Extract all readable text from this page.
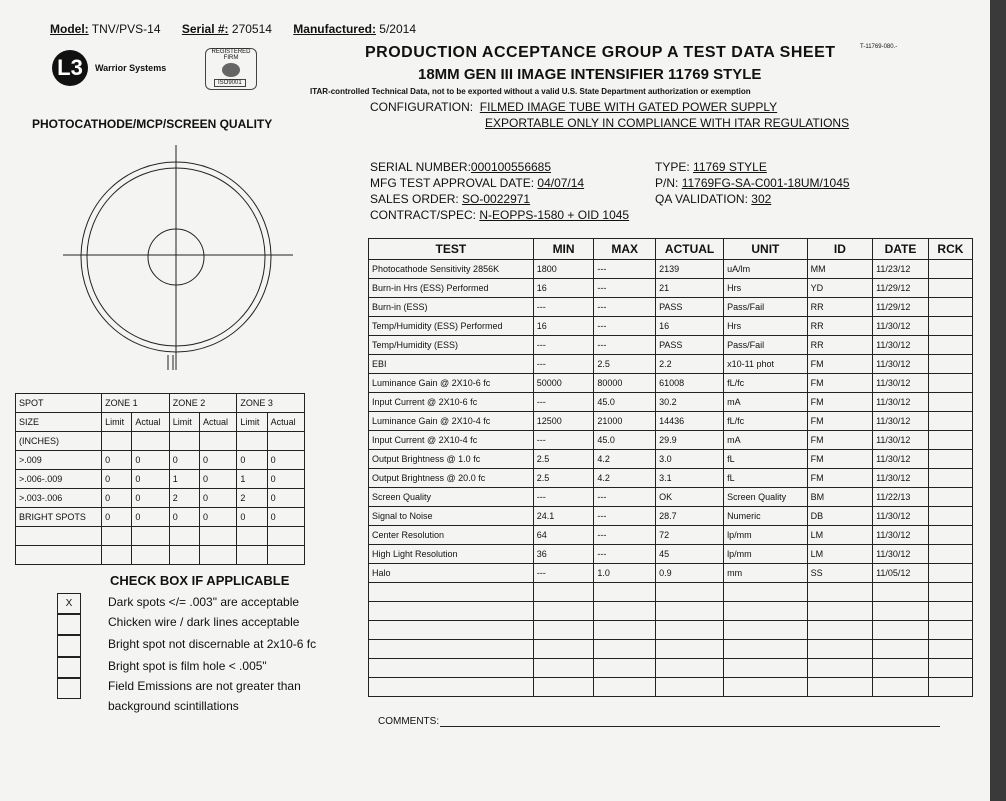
Model: TNV/PVS-14 Serial #: 270514 Manufactured: 5/2014
L3	Warrior Systems
REGISTERED FIRM
ISO9001
PRODUCTION ACCEPTANCE GROUP A TEST DATA SHEET	T-11769-080.-
18MM GEN III IMAGE INTENSIFIER 11769 STYLE
ITAR-controlled Technical Data, not to be exported without a valid U.S. State Department authorization or exemption
CONFIGURATION: FILMED IMAGE TUBE WITH GATED POWER SUPPLY
EXPORTABLE ONLY IN COMPLIANCE WITH ITAR REGULATIONS
PHOTOCATHODE/MCP/SCREEN QUALITY
SERIAL NUMBER:000100556685
MFG TEST APPROVAL DATE: 04/07/14
SALES ORDER: SO-0022971
CONTRACT/SPEC: N-EOPPS-1580 + OID 1045
TYPE: 11769 STYLE
P/N: 11769FG-SA-C001-18UM/1045
QA VALIDATION: 302
TEST	MIN	MAX	ACTUAL	UNIT	ID	DATE	RCK
Photocathode Sensitivity 2856K	1800	---	2139	uA/lm	MM	11/23/12	
Burn-in Hrs (ESS) Performed	16	---	21	Hrs	YD	11/29/12	
Burn-in (ESS)	---	---	PASS	Pass/Fail	RR	11/29/12	
Temp/Humidity (ESS) Performed	16	---	16	Hrs	RR	11/30/12	
Temp/Humidity (ESS)	---	---	PASS	Pass/Fail	RR	11/30/12	
EBI	---	2.5	2.2	x10-11 phot	FM	11/30/12	
Luminance Gain @ 2X10-6 fc	50000	80000	61008	fL/fc	FM	11/30/12	
Input Current @ 2X10-6 fc	---	45.0	30.2	mA	FM	11/30/12	
Luminance Gain @ 2X10-4 fc	12500	21000	14436	fL/fc	FM	11/30/12	
Input Current @ 2X10-4 fc	---	45.0	29.9	mA	FM	11/30/12	
Output Brightness @ 1.0 fc	2.5	4.2	3.0	fL	FM	11/30/12	
Output Brightness @ 20.0 fc	2.5	4.2	3.1	fL	FM	11/30/12	
Screen Quality	---	---	OK	Screen Quality	BM	11/22/13	
Signal to Noise	24.1	---	28.7	Numeric	DB	11/30/12	
Center Resolution	64	---	72	lp/mm	LM	11/30/12	
High Light Resolution	36	---	45	lp/mm	LM	11/30/12	
Halo	---	1.0	0.9	mm	SS	11/05/12	

SPOT	ZONE 1		ZONE 2		ZONE 3	
SIZE	Limit	Actual	Limit	Actual	Limit	Actual
(INCHES)						
>.009	0	0	0	0	0	0
>.006-.009	0	0	1	0	1	0
>.003-.006	0	0	2	0	2	0
BRIGHT SPOTS	0	0	0	0	0	0

CHECK BOX IF APPLICABLE
X	Dark spots </= .003" are acceptable
Chicken wire / dark lines acceptable
Bright spot not discernable at 2x10-6 fc
Bright spot is film hole < .005"
Field Emissions are not greater than
background scintillations
COMMENTS:
